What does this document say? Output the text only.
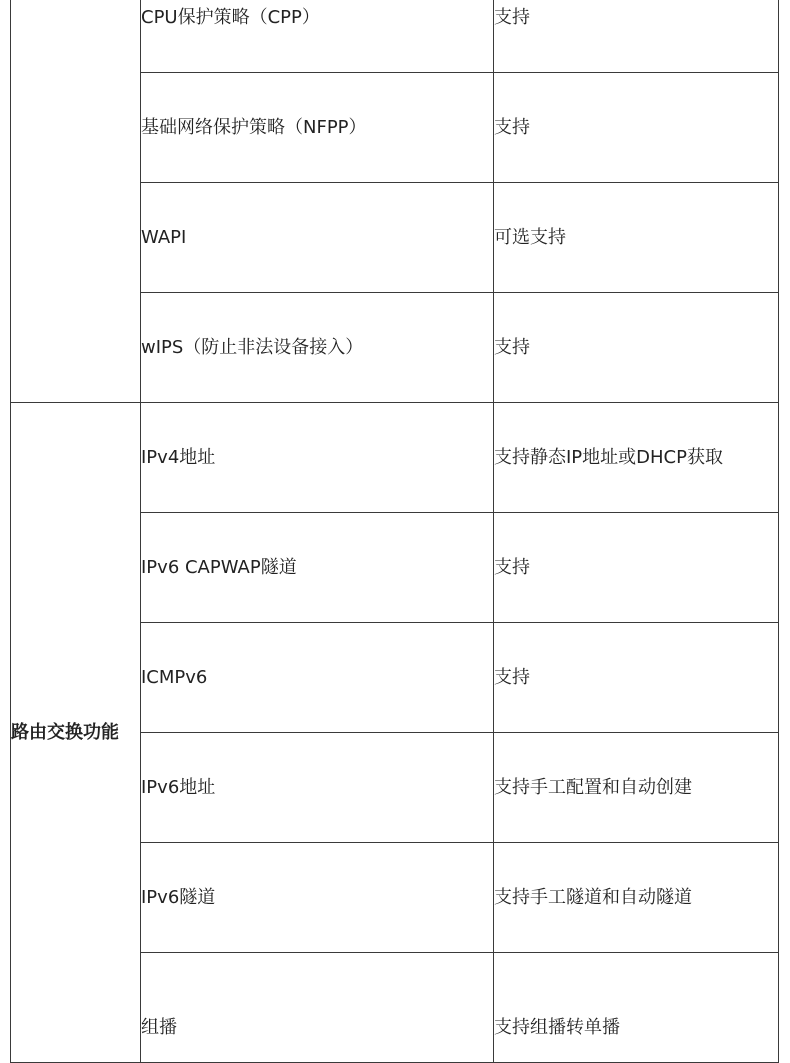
	CPU保护策略（CPP）	支持
	基础网络保护策略（NFPP）	支持
	WAPI	可选支持
	wIPS（防止非法设备接入）	支持
路由交换功能	IPv4地址	支持静态IP地址或DHCP获取
	IPv6 CAPWAP隧道	支持
	ICMPv6	支持
	IPv6地址	支持手工配置和自动创建
	IPv6隧道	支持手工隧道和自动隧道

	组播	支持组播转单播
